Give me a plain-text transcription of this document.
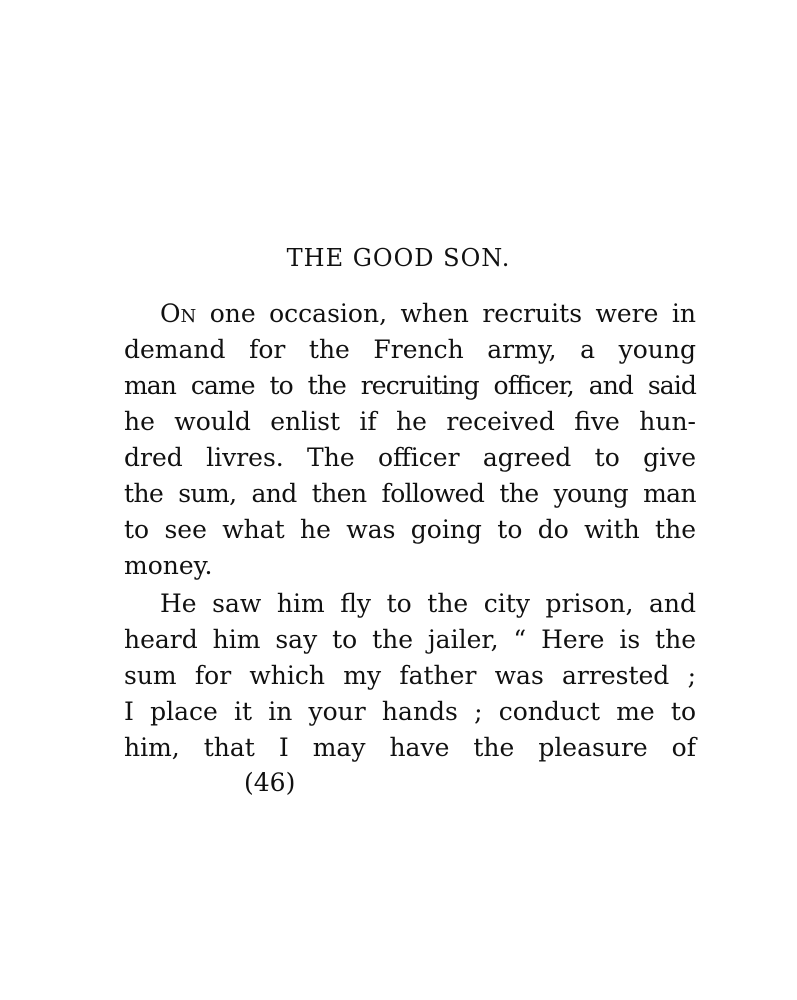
THE GOOD SON.
On one occasion, when recruits were in
demand for the French army, a young
man came to the recruiting officer, and said
he would enlist if he received five hun-
dred livres. The officer agreed to give
the sum, and then followed the young man
to see what he was going to do with the
money.
He saw him fly to the city prison, and
heard him say to the jailer, “ Here is the
sum for which my father was arrested ;
I place it in your hands ; conduct me to
him, that I may have the pleasure of
(46)
